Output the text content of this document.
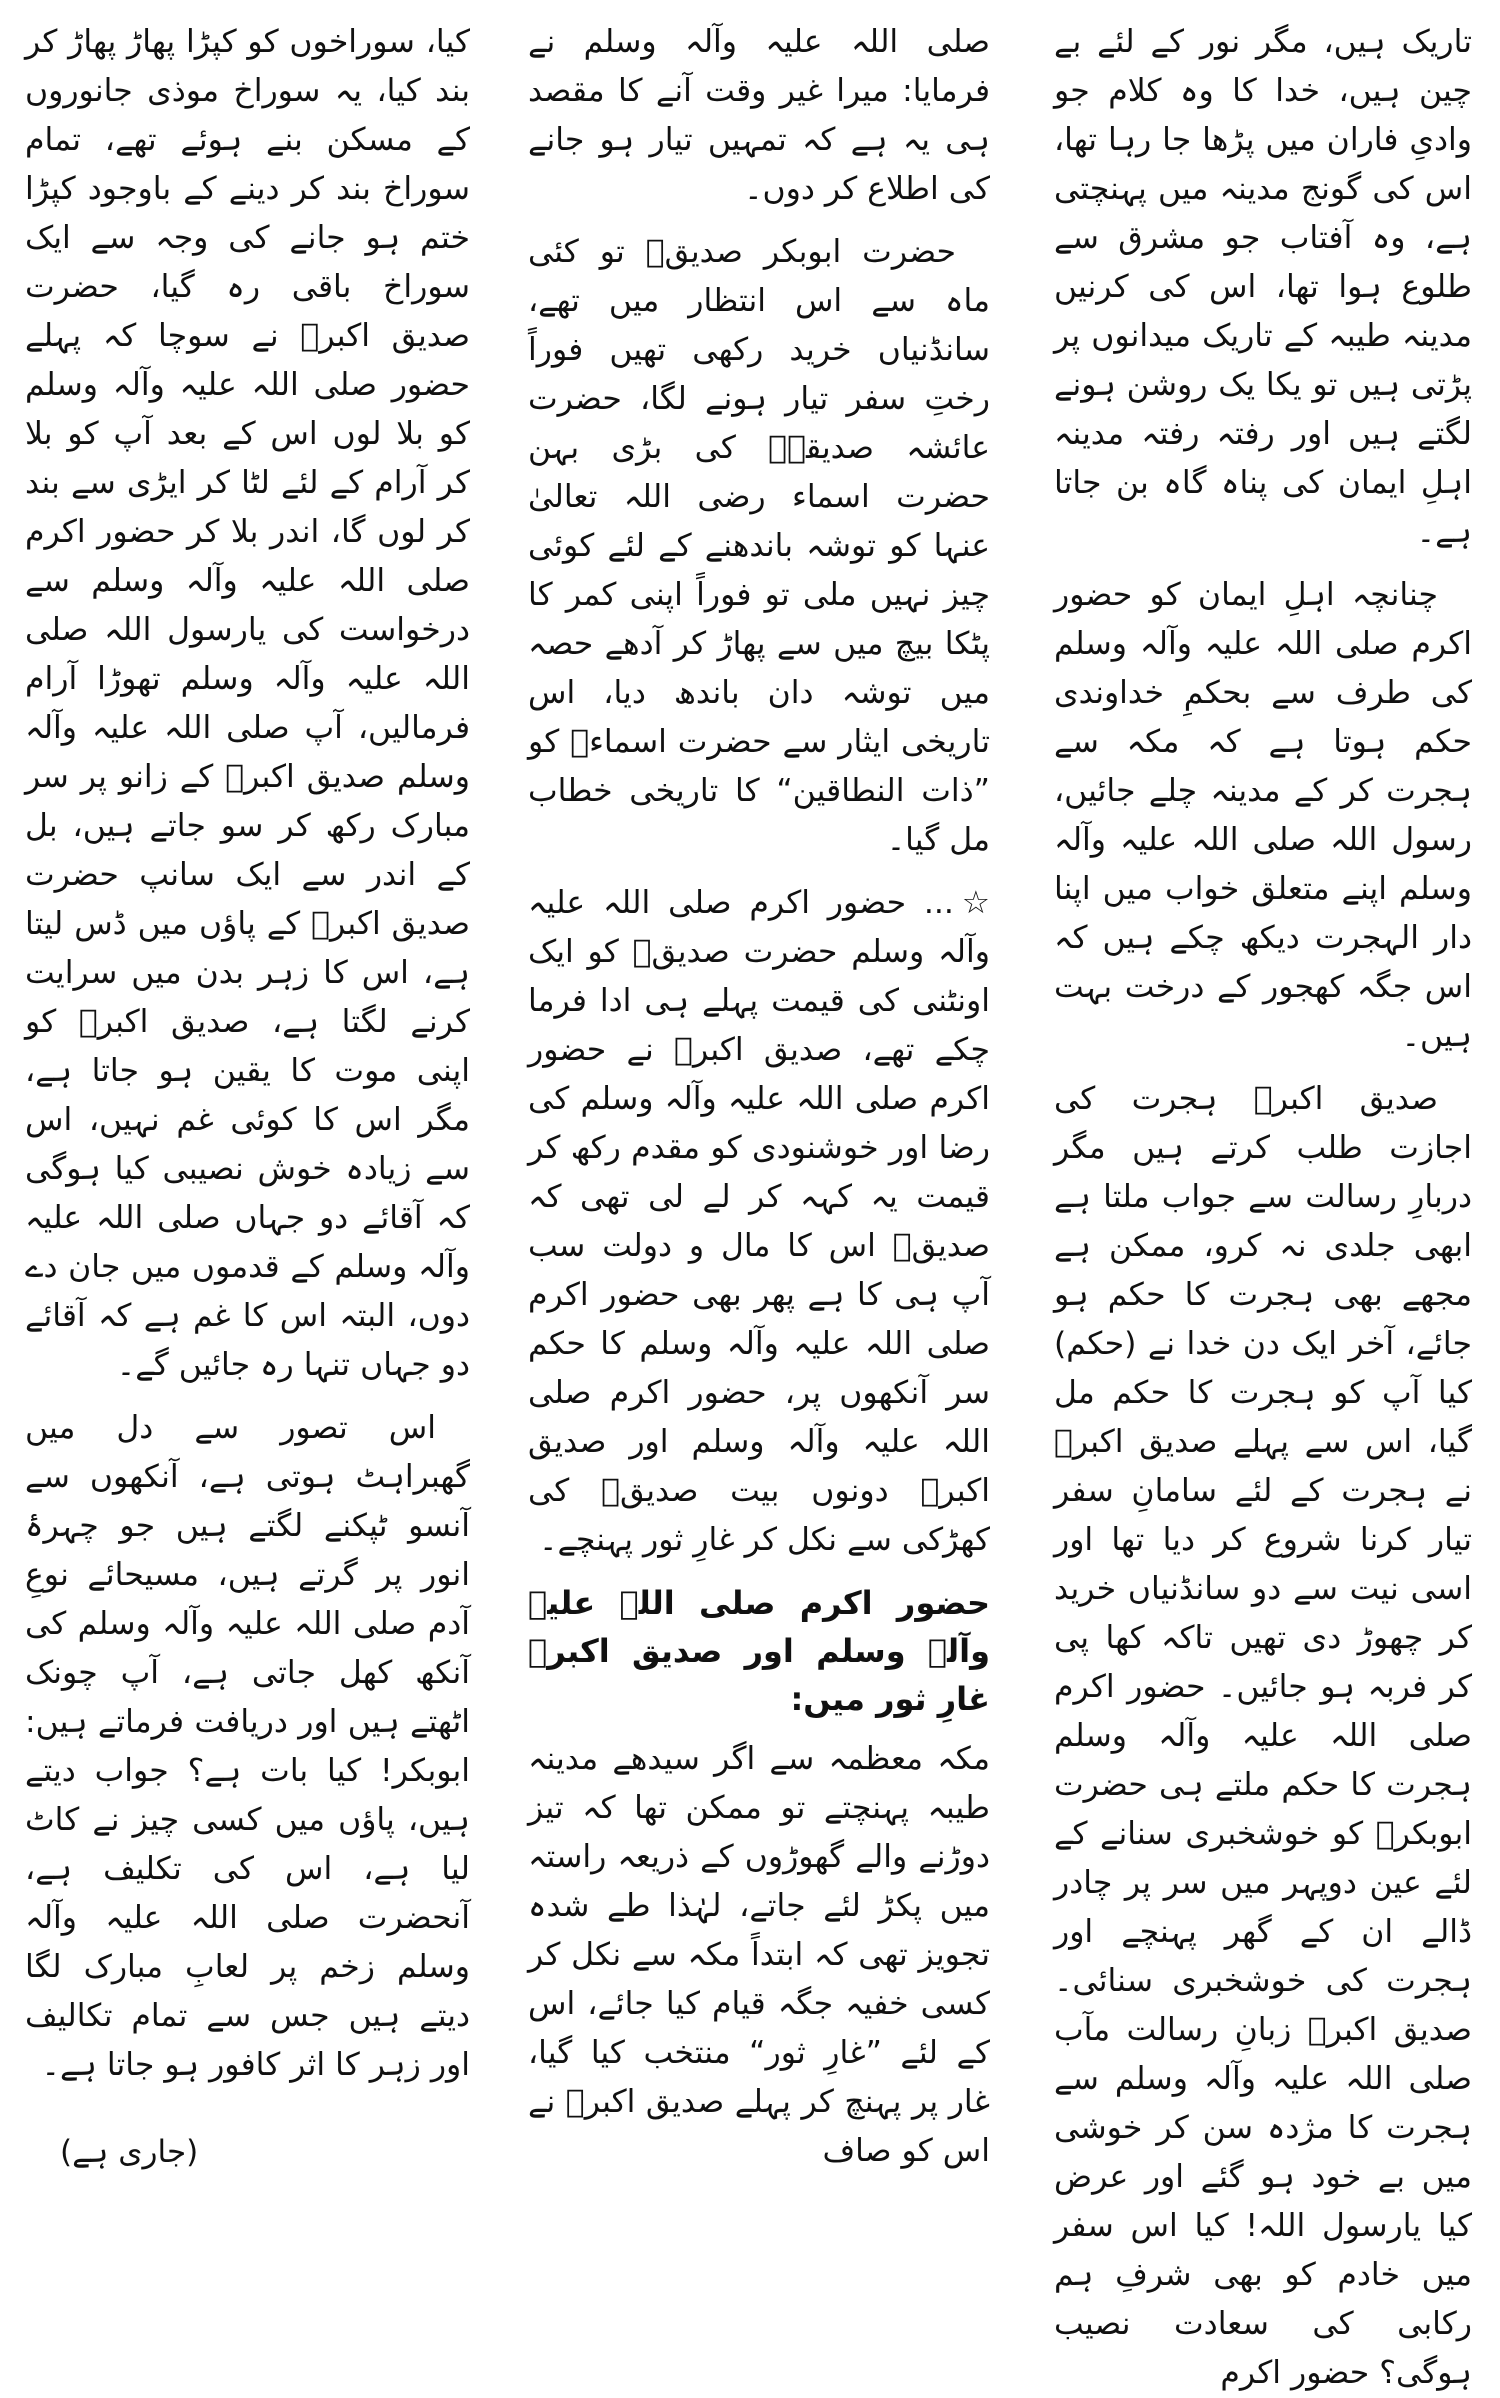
تاریک ہیں، مگر نور کے لئے بے چین ہیں، خدا کا وہ کلام جو وادیِ فاران میں پڑھا جا رہا تھا، اس کی گونج مدینہ میں پہنچتی ہے، وہ آفتاب جو مشرق سے طلوع ہوا تھا، اس کی کرنیں مدینہ طیبہ کے تاریک میدانوں پر پڑتی ہیں تو یکا یک روشن ہونے لگتے ہیں اور رفتہ رفتہ مدینہ اہلِ ایمان کی پناہ گاہ بن جاتا ہے۔

چنانچہ اہلِ ایمان کو حضور اکرم صلی اللہ علیہ وآلہ وسلم کی طرف سے بحکمِ خداوندی حکم ہوتا ہے کہ مکہ سے ہجرت کر کے مدینہ چلے جائیں، رسول اللہ صلی اللہ علیہ وآلہ وسلم اپنے متعلق خواب میں اپنا دار الہجرت دیکھ چکے ہیں کہ اس جگہ کھجور کے درخت بہت ہیں۔

صدیق اکبرؓ ہجرت کی اجازت طلب کرتے ہیں مگر دربارِ رسالت سے جواب ملتا ہے ابھی جلدی نہ کرو، ممکن ہے مجھے بھی ہجرت کا حکم ہو جائے، آخر ایک دن خدا نے (حکم) کیا آپ کو ہجرت کا حکم مل گیا، اس سے پہلے صدیق اکبرؓ نے ہجرت کے لئے سامانِ سفر تیار کرنا شروع کر دیا تھا اور اسی نیت سے دو سانڈنیاں خرید کر چھوڑ دی تھیں تاکہ کھا پی کر فربہ ہو جائیں۔ حضور اکرم صلی اللہ علیہ وآلہ وسلم ہجرت کا حکم ملتے ہی حضرت ابوبکرؓ کو خوشخبری سنانے کے لئے عین دوپہر میں سر پر چادر ڈالے ان کے گھر پہنچے اور ہجرت کی خوشخبری سنائی۔ صدیق اکبرؓ زبانِ رسالت مآب صلی اللہ علیہ وآلہ وسلم سے ہجرت کا مژدہ سن کر خوشی میں بے خود ہو گئے اور عرض کیا یارسول اللہ! کیا اس سفر میں خادم کو بھی شرفِ ہم رکابی کی سعادت نصیب ہوگی؟ حضور اکرم

صلی اللہ علیہ وآلہ وسلم نے فرمایا: میرا غیر وقت آنے کا مقصد ہی یہ ہے کہ تمہیں تیار ہو جانے کی اطلاع کر دوں۔

حضرت ابوبکر صدیقؓ تو کئی ماہ سے اس انتظار میں تھے، سانڈنیاں خرید رکھی تھیں فوراً رختِ سفر تیار ہونے لگا، حضرت عائشہ صدیقہؓ کی بڑی بہن حضرت اسماء رضی اللہ تعالیٰ عنہا کو توشہ باندھنے کے لئے کوئی چیز نہیں ملی تو فوراً اپنی کمر کا پٹکا بیچ میں سے پھاڑ کر آدھے حصہ میں توشہ دان باندھ دیا، اس تاریخی ایثار سے حضرت اسماءؓ کو ”ذات النطاقین“ کا تاریخی خطاب مل گیا۔

☆... حضور اکرم صلی اللہ علیہ وآلہ وسلم حضرت صدیقؓ کو ایک اونٹنی کی قیمت پہلے ہی ادا فرما چکے تھے، صدیق اکبرؓ نے حضور اکرم صلی اللہ علیہ وآلہ وسلم کی رضا اور خوشنودی کو مقدم رکھ کر قیمت یہ کہہ کر لے لی تھی کہ صدیقؓ اس کا مال و دولت سب آپ ہی کا ہے پھر بھی حضور اکرم صلی اللہ علیہ وآلہ وسلم کا حکم سر آنکھوں پر، حضور اکرم صلی اللہ علیہ وآلہ وسلم اور صدیق اکبرؓ دونوں بیت صدیقؓ کی کھڑکی سے نکل کر غارِ ثور پہنچے۔

حضور اکرم صلی اللہ علیہ وآلہ وسلم اور صدیق اکبرؓ غارِ ثور میں:

مکہ معظمہ سے اگر سیدھے مدینہ طیبہ پہنچتے تو ممکن تھا کہ تیز دوڑنے والے گھوڑوں کے ذریعہ راستہ میں پکڑ لئے جاتے، لہٰذا طے شدہ تجویز تھی کہ ابتداً مکہ سے نکل کر کسی خفیہ جگہ قیام کیا جائے، اس کے لئے ”غارِ ثور“ منتخب کیا گیا، غار پر پہنچ کر پہلے صدیق اکبرؓ نے اس کو صاف

کیا، سوراخوں کو کپڑا پھاڑ پھاڑ کر بند کیا، یہ سوراخ موذی جانوروں کے مسکن بنے ہوئے تھے، تمام سوراخ بند کر دینے کے باوجود کپڑا ختم ہو جانے کی وجہ سے ایک سوراخ باقی رہ گیا، حضرت صدیق اکبرؓ نے سوچا کہ پہلے حضور صلی اللہ علیہ وآلہ وسلم کو بلا لوں اس کے بعد آپ کو بلا کر آرام کے لئے لٹا کر ایڑی سے بند کر لوں گا، اندر بلا کر حضور اکرم صلی اللہ علیہ وآلہ وسلم سے درخواست کی یارسول اللہ صلی اللہ علیہ وآلہ وسلم تھوڑا آرام فرمالیں، آپ صلی اللہ علیہ وآلہ وسلم صدیق اکبرؓ کے زانو پر سر مبارک رکھ کر سو جاتے ہیں، بل کے اندر سے ایک سانپ حضرت صدیق اکبرؓ کے پاؤں میں ڈس لیتا ہے، اس کا زہر بدن میں سرایت کرنے لگتا ہے، صدیق اکبرؓ کو اپنی موت کا یقین ہو جاتا ہے، مگر اس کا کوئی غم نہیں، اس سے زیادہ خوش نصیبی کیا ہوگی کہ آقائے دو جہاں صلی اللہ علیہ وآلہ وسلم کے قدموں میں جان دے دوں، البتہ اس کا غم ہے کہ آقائے دو جہاں تنہا رہ جائیں گے۔

اس تصور سے دل میں گھبراہٹ ہوتی ہے، آنکھوں سے آنسو ٹپکنے لگتے ہیں جو چہرۂ انور پر گرتے ہیں، مسیحائے نوعِ آدم صلی اللہ علیہ وآلہ وسلم کی آنکھ کھل جاتی ہے، آپ چونک اٹھتے ہیں اور دریافت فرماتے ہیں: ابوبکر! کیا بات ہے؟ جواب دیتے ہیں، پاؤں میں کسی چیز نے کاٹ لیا ہے، اس کی تکلیف ہے، آنحضرت صلی اللہ علیہ وآلہ وسلم زخم پر لعابِ مبارک لگا دیتے ہیں جس سے تمام تکالیف اور زہر کا اثر کافور ہو جاتا ہے۔

(جاری ہے)
